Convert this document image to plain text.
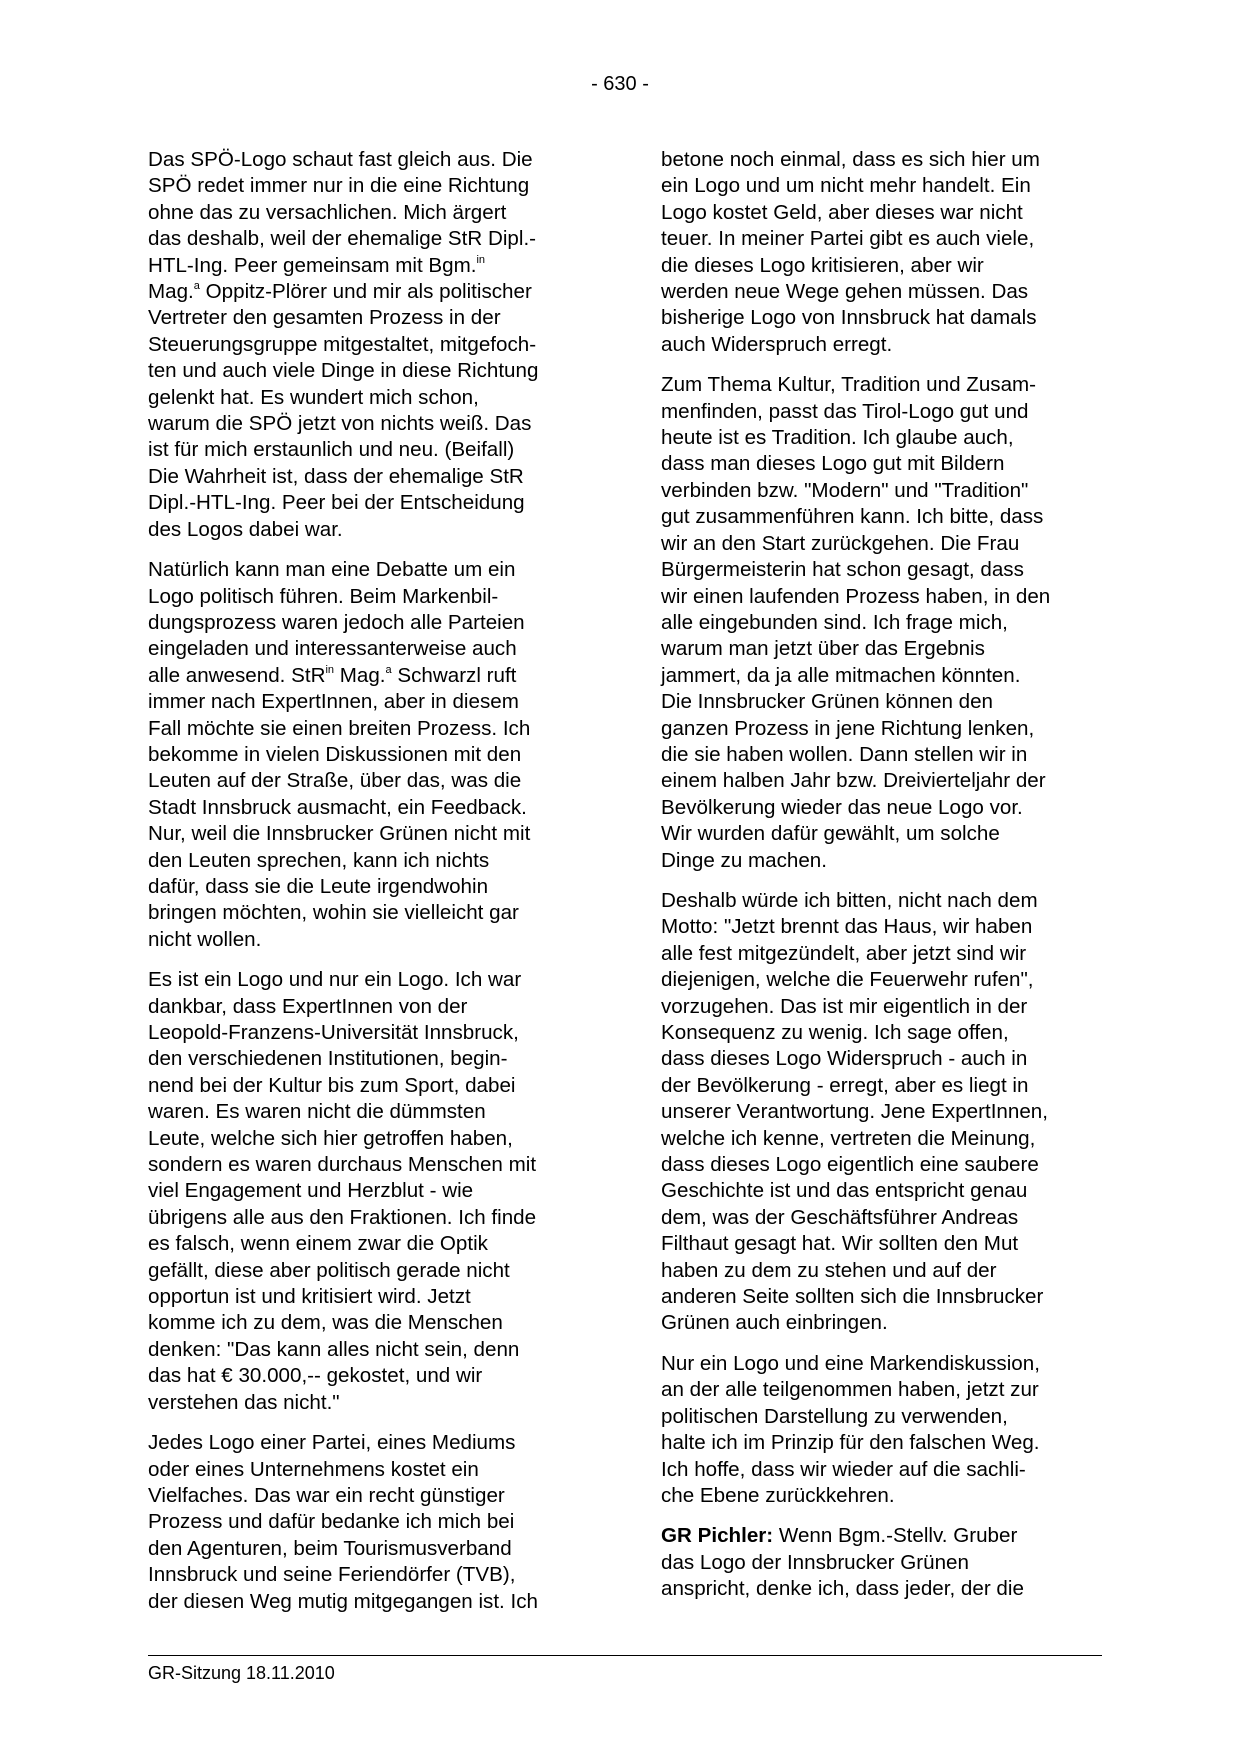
- 630 -

Das SPÖ-Logo schaut fast gleich aus. Die
SPÖ redet immer nur in die eine Richtung
ohne das zu versachlichen. Mich ärgert
das deshalb, weil der ehemalige StR Dipl.-
HTL-Ing. Peer gemeinsam mit Bgm.$^{in}$
Mag.$^a$ Oppitz-Plörer und mir als politischer
Vertreter den gesamten Prozess in der
Steuerungsgruppe mitgestaltet, mitgefoch-
ten und auch viele Dinge in diese Richtung
gelenkt hat. Es wundert mich schon,
warum die SPÖ jetzt von nichts weiß. Das
ist für mich erstaunlich und neu. (Beifall)
Die Wahrheit ist, dass der ehemalige StR
Dipl.-HTL-Ing. Peer bei der Entscheidung
des Logos dabei war.

Natürlich kann man eine Debatte um ein
Logo politisch führen. Beim Markenbil-
dungsprozess waren jedoch alle Parteien
eingeladen und interessanterweise auch
alle anwesend. StR$^{in}$ Mag.$^a$ Schwarzl ruft
immer nach ExpertInnen, aber in diesem
Fall möchte sie einen breiten Prozess. Ich
bekomme in vielen Diskussionen mit den
Leuten auf der Straße, über das, was die
Stadt Innsbruck ausmacht, ein Feedback.
Nur, weil die Innsbrucker Grünen nicht mit
den Leuten sprechen, kann ich nichts
dafür, dass sie die Leute irgendwohin
bringen möchten, wohin sie vielleicht gar
nicht wollen.

Es ist ein Logo und nur ein Logo. Ich war
dankbar, dass ExpertInnen von der
Leopold-Franzens-Universität Innsbruck,
den verschiedenen Institutionen, begin-
nend bei der Kultur bis zum Sport, dabei
waren. Es waren nicht die dümmsten
Leute, welche sich hier getroffen haben,
sondern es waren durchaus Menschen mit
viel Engagement und Herzblut - wie
übrigens alle aus den Fraktionen. Ich finde
es falsch, wenn einem zwar die Optik
gefällt, diese aber politisch gerade nicht
opportun ist und kritisiert wird. Jetzt
komme ich zu dem, was die Menschen
denken: "Das kann alles nicht sein, denn
das hat € 30.000,-- gekostet, und wir
verstehen das nicht."

Jedes Logo einer Partei, eines Mediums
oder eines Unternehmens kostet ein
Vielfaches. Das war ein recht günstiger
Prozess und dafür bedanke ich mich bei
den Agenturen, beim Tourismusverband
Innsbruck und seine Feriendörfer (TVB),
der diesen Weg mutig mitgegangen ist. Ich

betone noch einmal, dass es sich hier um
ein Logo und um nicht mehr handelt. Ein
Logo kostet Geld, aber dieses war nicht
teuer. In meiner Partei gibt es auch viele,
die dieses Logo kritisieren, aber wir
werden neue Wege gehen müssen. Das
bisherige Logo von Innsbruck hat damals
auch Widerspruch erregt.

Zum Thema Kultur, Tradition und Zusam-
menfinden, passt das Tirol-Logo gut und
heute ist es Tradition. Ich glaube auch,
dass man dieses Logo gut mit Bildern
verbinden bzw. "Modern" und "Tradition"
gut zusammenführen kann. Ich bitte, dass
wir an den Start zurückgehen. Die Frau
Bürgermeisterin hat schon gesagt, dass
wir einen laufenden Prozess haben, in den
alle eingebunden sind. Ich frage mich,
warum man jetzt über das Ergebnis
jammert, da ja alle mitmachen könnten.
Die Innsbrucker Grünen können den
ganzen Prozess in jene Richtung lenken,
die sie haben wollen. Dann stellen wir in
einem halben Jahr bzw. Dreivierteljahr der
Bevölkerung wieder das neue Logo vor.
Wir wurden dafür gewählt, um solche
Dinge zu machen.

Deshalb würde ich bitten, nicht nach dem
Motto: "Jetzt brennt das Haus, wir haben
alle fest mitgezündelt, aber jetzt sind wir
diejenigen, welche die Feuerwehr rufen",
vorzugehen. Das ist mir eigentlich in der
Konsequenz zu wenig. Ich sage offen,
dass dieses Logo Widerspruch - auch in
der Bevölkerung - erregt, aber es liegt in
unserer Verantwortung. Jene ExpertInnen,
welche ich kenne, vertreten die Meinung,
dass dieses Logo eigentlich eine saubere
Geschichte ist und das entspricht genau
dem, was der Geschäftsführer Andreas
Filthaut gesagt hat. Wir sollten den Mut
haben zu dem zu stehen und auf der
anderen Seite sollten sich die Innsbrucker
Grünen auch einbringen.

Nur ein Logo und eine Markendiskussion,
an der alle teilgenommen haben, jetzt zur
politischen Darstellung zu verwenden,
halte ich im Prinzip für den falschen Weg.
Ich hoffe, dass wir wieder auf die sachli-
che Ebene zurückkehren.

GR Pichler: Wenn Bgm.-Stellv. Gruber
das Logo der Innsbrucker Grünen
anspricht, denke ich, dass jeder, der die

GR-Sitzung 18.11.2010
